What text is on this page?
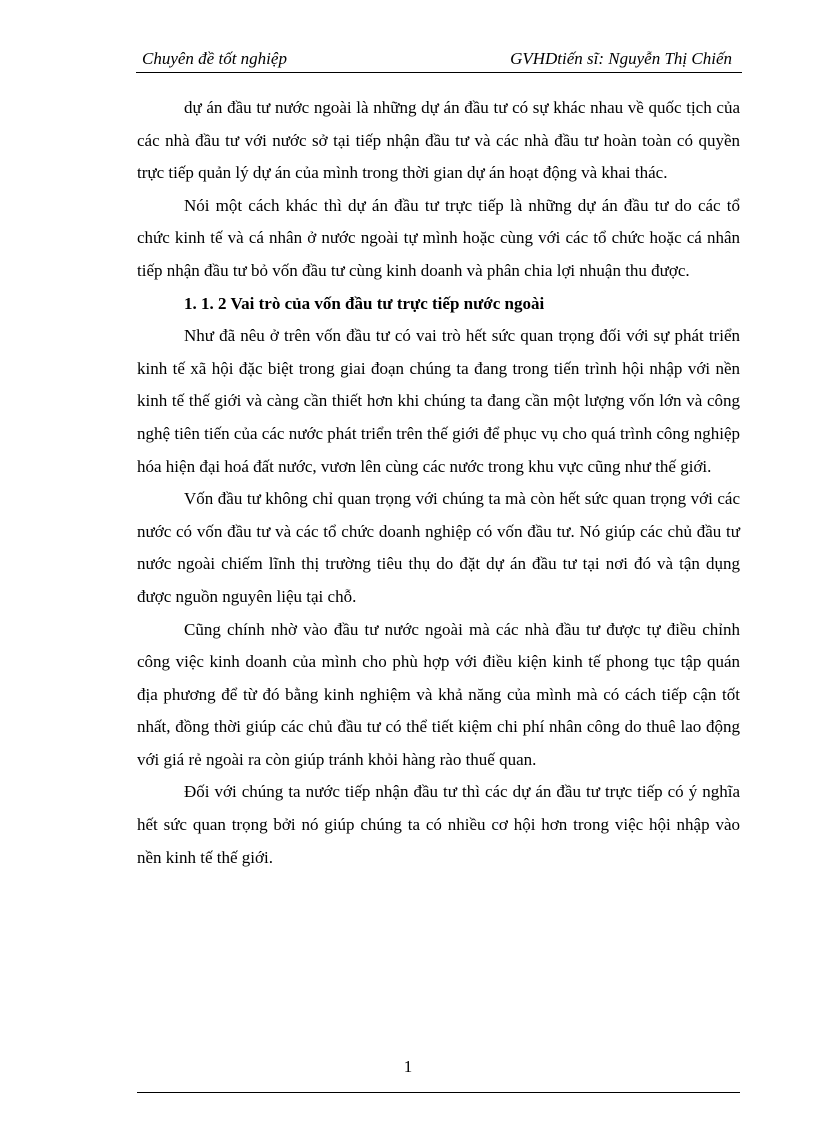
Chuyên đề tốt nghiệp	GVHDtiến sĩ: Nguyễn Thị Chiến

dự án đầu tư nước ngoài là những dự án đầu tư có sự khác nhau về quốc tịch của các nhà đầu tư với nước sở tại tiếp nhận đầu tư và các nhà đầu tư hoàn toàn có quyền trực tiếp quản lý dự án của mình trong thời gian dự án hoạt động và khai thác.

Nói một cách khác thì dự án đầu tư trực tiếp là những dự án đầu tư do các tổ chức kinh tế và cá nhân ở nước ngoài tự mình hoặc cùng với các tổ chức hoặc cá nhân tiếp nhận đầu tư bỏ vốn đầu tư cùng kinh doanh và phân chia lợi nhuận thu được.

1. 1. 2 Vai trò của vốn đầu tư trực tiếp nước ngoài

Như đã nêu ở trên vốn đầu tư có vai trò hết sức quan trọng đối với sự phát triển kinh tế xã hội đặc biệt trong giai đoạn chúng ta đang trong tiến trình hội nhập với nền kinh tế thế giới và càng cần thiết hơn khi chúng ta đang cần một lượng vốn lớn và công nghệ tiên tiến của các nước phát triển trên thế giới để phục vụ cho quá trình công nghiệp hóa hiện đại hoá đất nước, vươn lên cùng các nước trong khu vực cũng như thế giới.

Vốn đầu tư không chỉ quan trọng với chúng ta mà còn hết sức quan trọng với các nước có vốn đầu tư và các tổ chức doanh nghiệp có vốn đầu tư. Nó giúp các chủ đầu tư nước ngoài chiếm lĩnh thị trường tiêu thụ do đặt dự án đầu tư tại nơi đó và tận dụng được nguồn nguyên liệu tại chỗ.

Cũng chính nhờ vào đầu tư nước ngoài mà các nhà đầu tư được tự điều chỉnh công việc kinh doanh của mình cho phù hợp với điều kiện kinh tế phong tục tập quán địa phương để từ đó bằng kinh nghiệm và khả năng của mình mà có cách tiếp cận tốt nhất, đồng thời giúp các chủ đầu tư có thể tiết kiệm chi phí nhân công do thuê lao động với giá rẻ ngoài ra còn giúp tránh khỏi hàng rào thuế quan.

Đối với chúng ta nước tiếp nhận đầu tư thì các dự án đầu tư trực tiếp có ý nghĩa hết sức quan trọng bởi nó giúp chúng ta có nhiều cơ hội hơn trong việc hội nhập vào nền kinh tế thế giới.

1
